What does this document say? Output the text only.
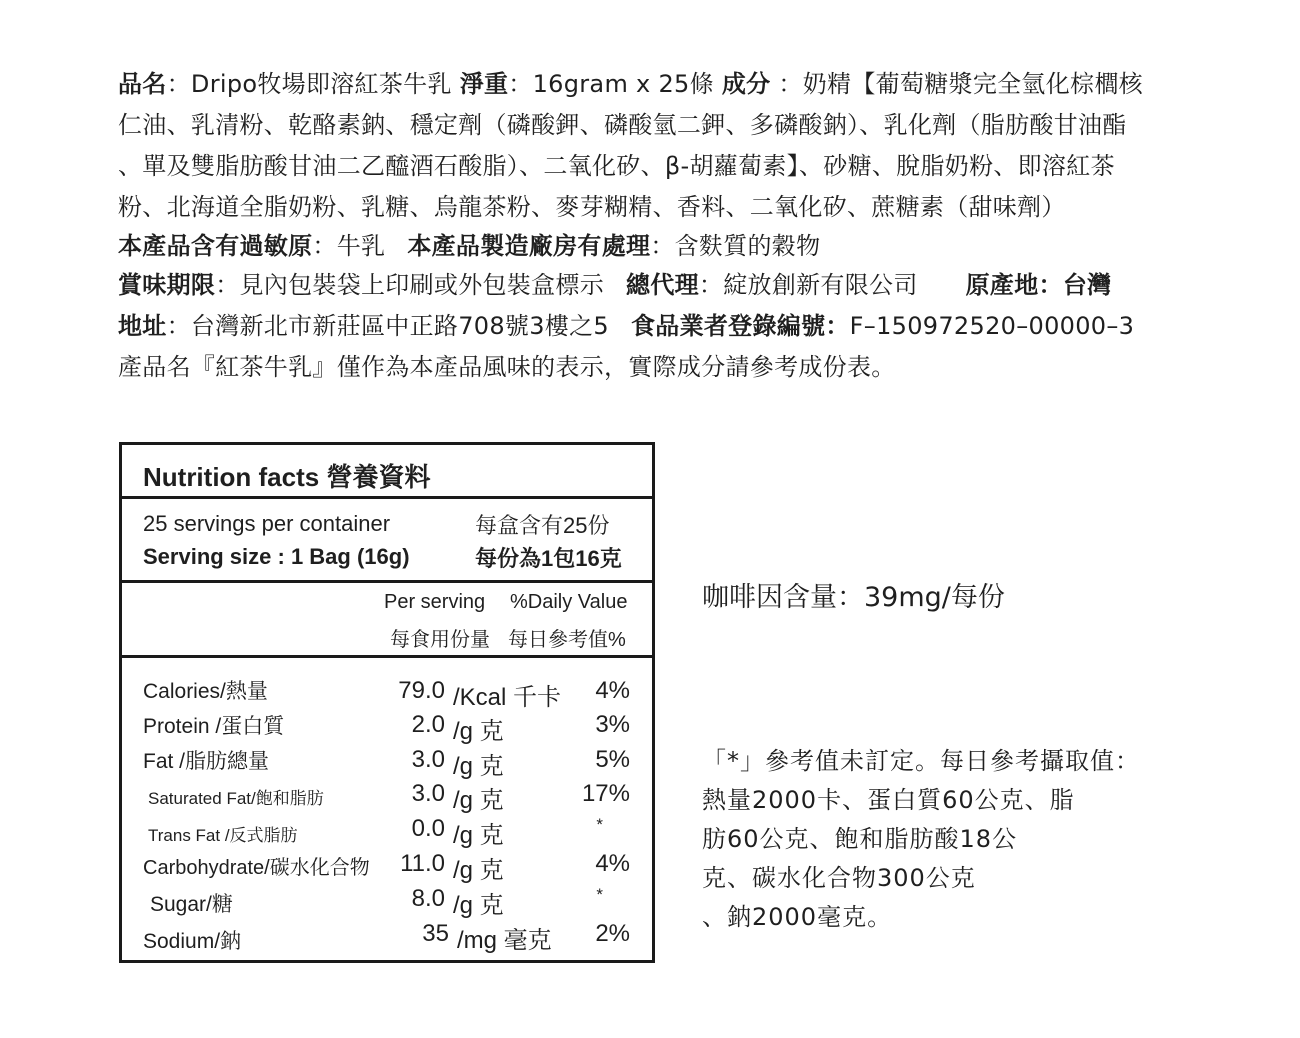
品名：Dripo牧場即溶紅茶牛乳 淨重：16gram x 25條 成分 ：奶精【葡萄糖漿完全氫化棕櫚核
仁油、乳清粉、乾酪素鈉、穩定劑（磷酸鉀、磷酸氫二鉀、多磷酸鈉）、乳化劑（脂肪酸甘油酯
、單及雙脂肪酸甘油二乙醯酒石酸脂）、二氧化矽、β-胡蘿蔔素】、砂糖、脫脂奶粉、即溶紅茶
粉、北海道全脂奶粉、乳糖、烏龍茶粉、麥芽糊精、香料、二氧化矽、蔗糖素（甜味劑）
本產品含有過敏原：牛乳 本產品製造廠房有處理：含麩質的穀物
賞味期限：見內包裝袋上印刷或外包裝盒標示 總代理：綻放創新有限公司 原產地：台灣
地址：台灣新北市新莊區中正路708號3樓之5 食品業者登錄編號：F–150972520–00000–3
產品名『紅茶牛乳』僅作為本產品風味的表示，實際成分請參考成份表。
Nutrition facts 營養資料
25 servings per container	每盒含有25份
Serving size : 1 Bag (16g)	每份為1包16克
Per serving %Daily Value
每食用份量 每日參考值%
Calories/熱量	79.0 /Kcal 千卡 4%
Protein /蛋白質	2.0 /g 克	3%
Fat /脂肪總量	3.0 /g 克	5%
Saturated Fat/飽和脂肪	3.0 /g 克	17%
Trans Fat /反式脂肪	0.0 /g 克	*
Carbohydrate/碳水化合物 11.0 /g 克	4%
Sugar/糖	8.0 /g 克	*
Sodium/鈉	35 /mg 毫克 2%
咖啡因含量：39mg/每份
「*」參考值未訂定。每日參考攝取值：
熱量2000卡、蛋白質60公克、脂
肪60公克、飽和脂肪酸18公
克、碳水化合物300公克
、鈉2000毫克。
